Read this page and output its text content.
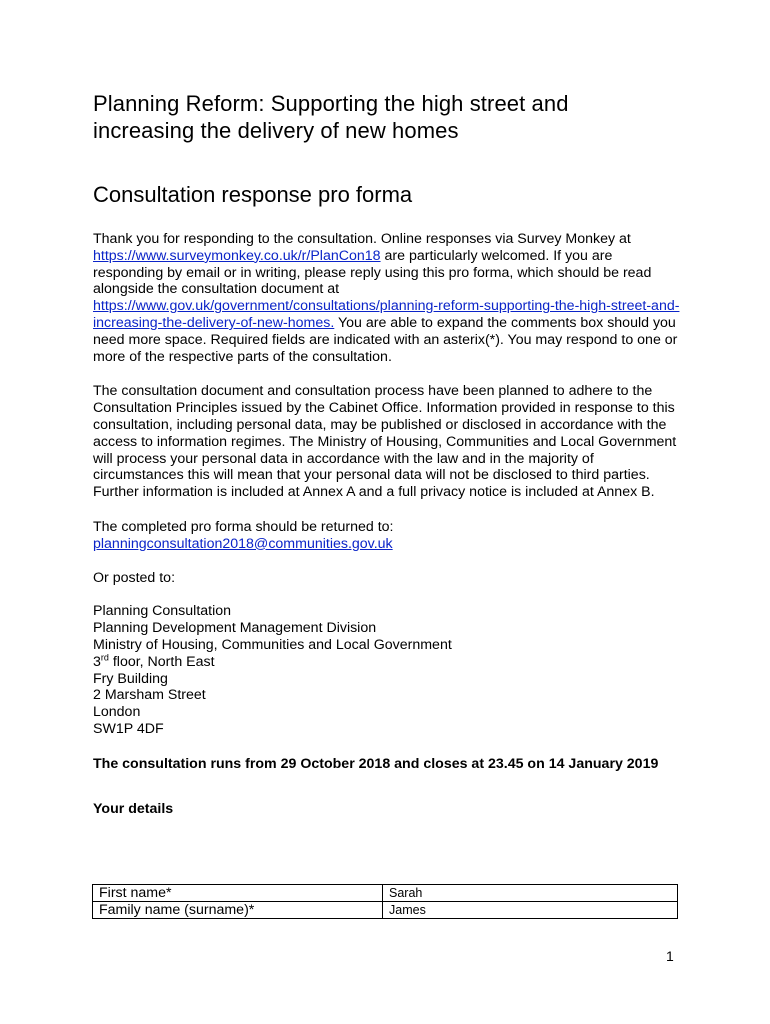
Planning Reform: Supporting the high street and
increasing the delivery of new homes
Consultation response pro forma

Thank you for responding to the consultation. Online responses via Survey Monkey at https://www.surveymonkey.co.uk/r/PlanCon18 are particularly welcomed. If you are responding by email or in writing, please reply using this pro forma, which should be read alongside the consultation document at https://www.gov.uk/government/consultations/planning-reform-supporting-the-high-street-and-increasing-the-delivery-of-new-homes. You are able to expand the comments box should you need more space. Required fields are indicated with an asterix(*). You may respond to one or more of the respective parts of the consultation.

The consultation document and consultation process have been planned to adhere to the Consultation Principles issued by the Cabinet Office. Information provided in response to this consultation, including personal data, may be published or disclosed in accordance with the access to information regimes. The Ministry of Housing, Communities and Local Government will process your personal data in accordance with the law and in the majority of circumstances this will mean that your personal data will not be disclosed to third parties. Further information is included at Annex A and a full privacy notice is included at Annex B.

The completed pro forma should be returned to:
planningconsultation2018@communities.gov.uk

Or posted to:

Planning Consultation
Planning Development Management Division
Ministry of Housing, Communities and Local Government
3rd floor, North East
Fry Building
2 Marsham Street
London
SW1P 4DF

The consultation runs from 29 October 2018 and closes at 23.45 on 14 January 2019

Your details
First name*	Sarah
Family name (surname)*	James
1
